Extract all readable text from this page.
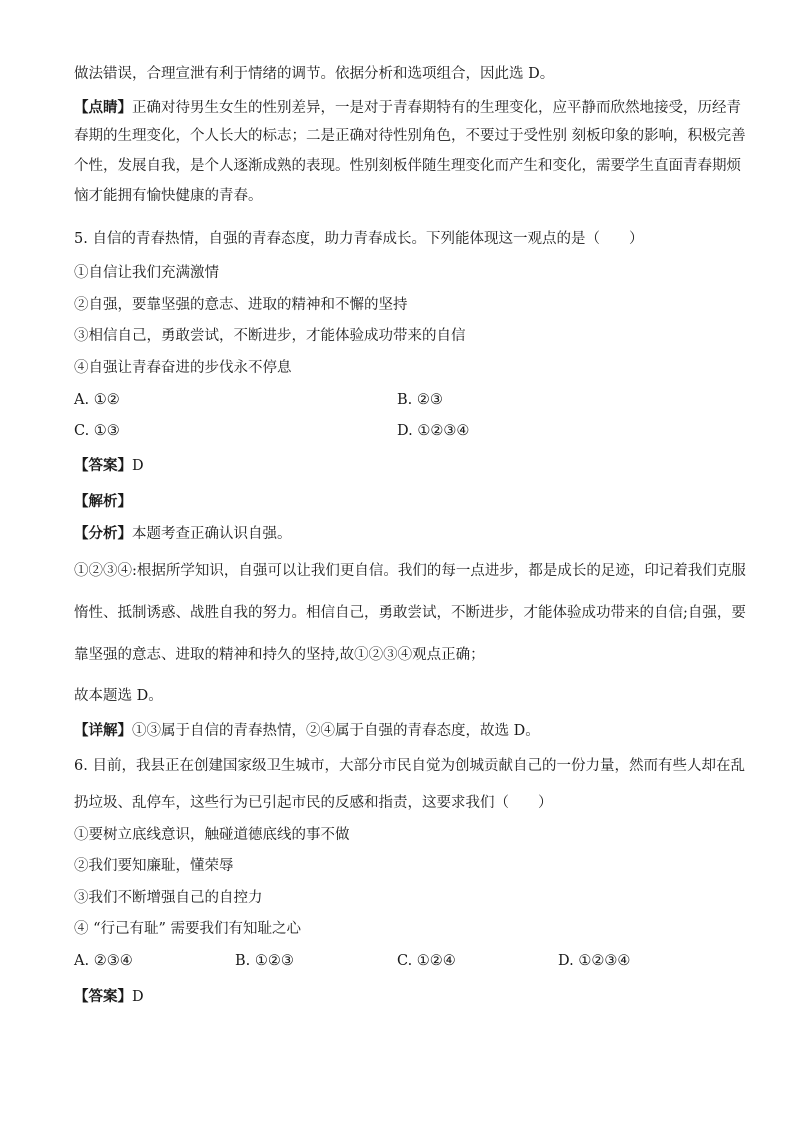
做法错误，合理宣泄有利于情绪的调节。依据分析和选项组合，因此选 D。
【点睛】正确对待男生女生的性别差异，一是对于青春期特有的生理变化，应平静而欣然地接受，历经青
春期的生理变化，个人长大的标志；二是正确对待性别角色，不要过于受性别 刻板印象的影响，积极完善
个性，发展自我，是个人逐渐成熟的表现。性别刻板伴随生理变化而产生和变化，需要学生直面青春期烦
恼才能拥有愉快健康的青春。
5. 自信的青春热情，自强的青春态度，助力青春成长。下列能体现这一观点的是（　　）
①自信让我们充满激情
②自强，要靠坚强的意志、进取的精神和不懈的坚持
③相信自己，勇敢尝试，不断进步，才能体验成功带来的自信
④自强让青春奋进的步伐永不停息
A. ①②	B. ②③
C. ①③	D. ①②③④
【答案】D
【解析】
【分析】本题考查正确认识自强。
①②③④:根据所学知识，自强可以让我们更自信。我们的每一点进步，都是成长的足迹，印记着我们克服
惰性、抵制诱惑、战胜自我的努力。相信自己，勇敢尝试，不断进步，才能体验成功带来的自信;自强，要
靠坚强的意志、进取的精神和持久的坚持,故①②③④观点正确；
故本题选 D。
【详解】①③属于自信的青春热情，②④属于自强的青春态度，故选 D。
6. 目前，我县正在创建国家级卫生城市，大部分市民自觉为创城贡献自己的一份力量，然而有些人却在乱
扔垃圾、乱停车，这些行为已引起市民的反感和指责，这要求我们（　　）
①要树立底线意识，触碰道德底线的事不做
②我们要知廉耻，懂荣辱
③我们不断增强自己的自控力
④ “行己有耻” 需要我们有知耻之心
A. ②③④	B. ①②③	C. ①②④	D. ①②③④
【答案】D
